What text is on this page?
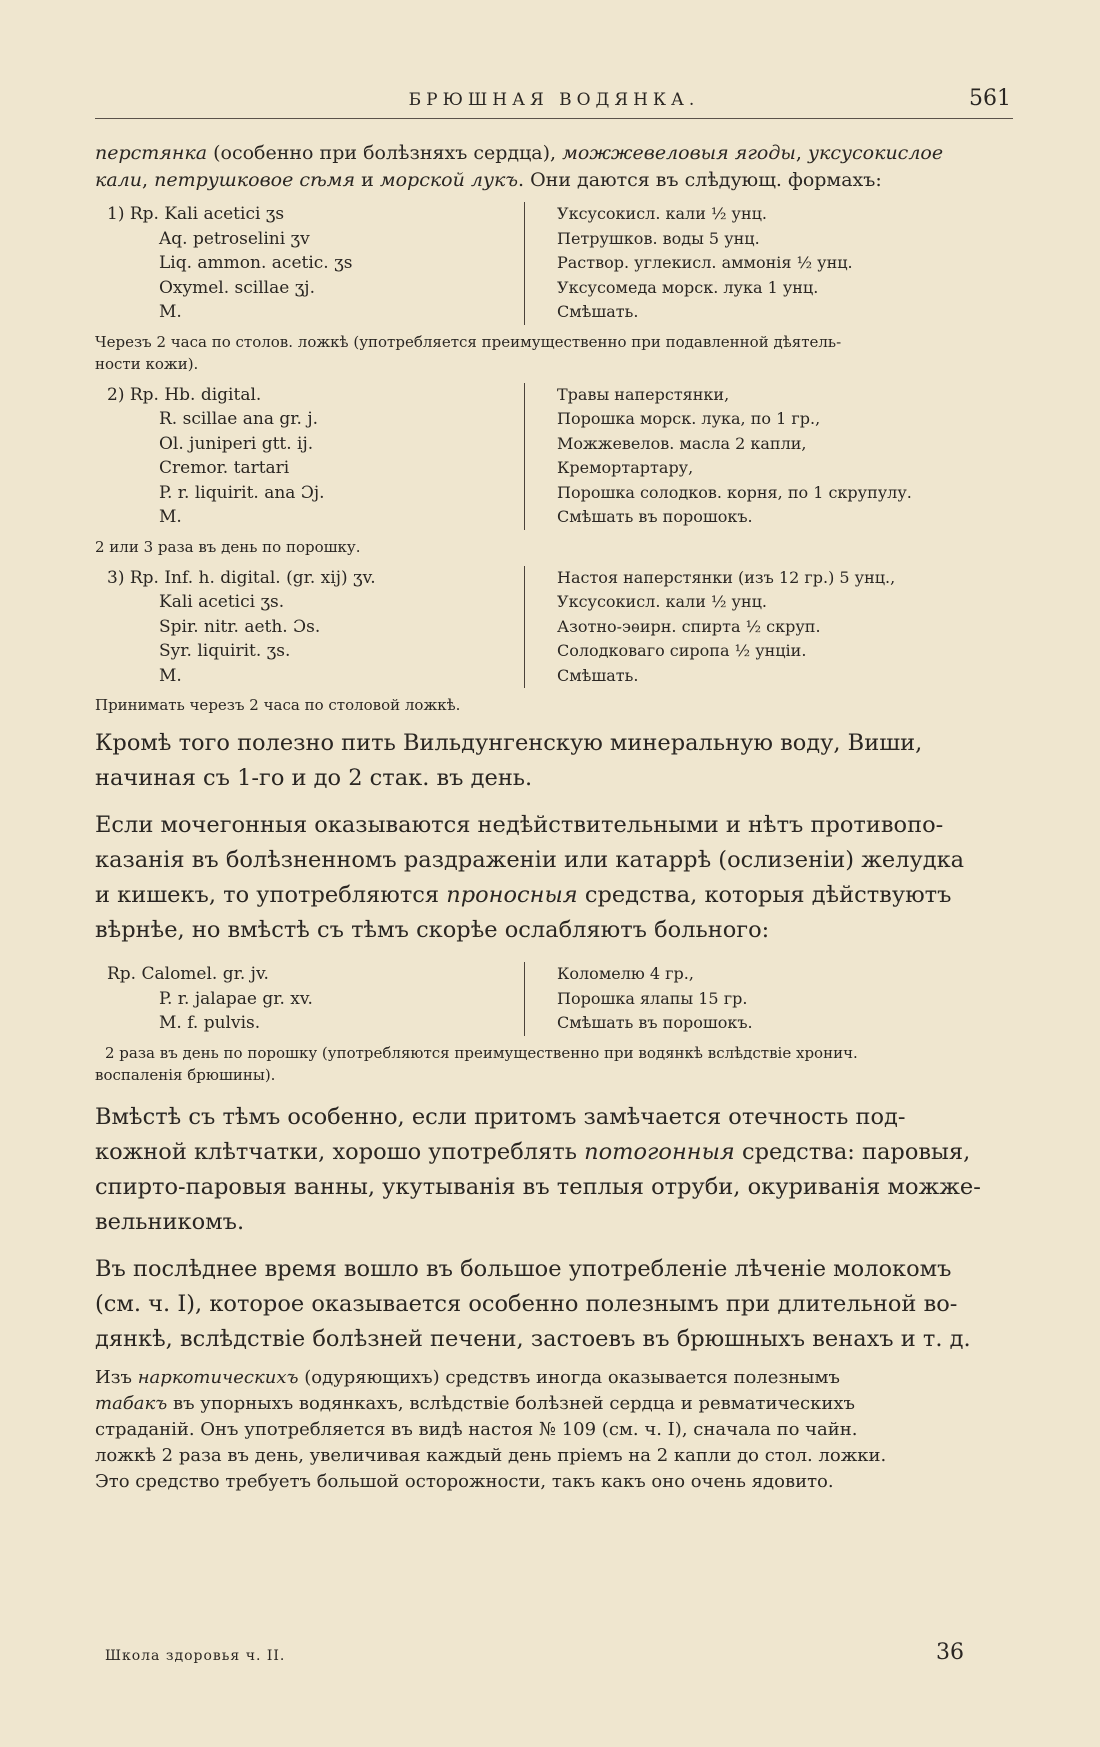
БРЮШНАЯ ВОДЯНКА.	561
перстянка (особенно при болѣзняхъ сердца), можжевеловыя ягоды, уксусокислое
кали, петрушковое сѣмя и морской лукъ. Они даются въ слѣдующ. формахъ:
1) Rp. Kali acetici ʒs
Aq. petroselini ʒv
Liq. ammon. acetic. ʒs
Oxymel. scillae ʒj.
M.
Уксусокисл. кали ½ унц.
Петрушков. воды 5 унц.
Раствор. углекисл. аммонія ½ унц.
Уксусомеда морск. лука 1 унц.
Смѣшать.
Черезъ 2 часа по столов. ложкѣ (употребляется преимущественно при подавленной дѣятель-
ности кожи).
2) Rp. Hb. digital.
R. scillae ana gr. j.
Ol. juniperi gtt. ij.
Cremor. tartari
P. r. liquirit. ana Ɔj.
M.
Травы наперстянки,
Порошка морск. лука, по 1 гр.,
Можжевелов. масла 2 капли,
Кремортартару,
Порошка солодков. корня, по 1 скрупулу.
Смѣшать въ порошокъ.
2 или 3 раза въ день по порошку.
3) Rp. Inf. h. digital. (gr. xij) ʒv.
Kali acetici ʒs.
Spir. nitr. aeth. Ɔs.
Syr. liquirit. ʒs.
M.
Настоя наперстянки (изъ 12 гр.) 5 унц.,
Уксусокисл. кали ½ унц.
Азотно-эѳирн. спирта ½ скруп.
Солодковаго сиропа ½ унціи.
Смѣшать.
Принимать черезъ 2 часа по столовой ложкѣ.
Кромѣ того полезно пить Вильдунгенскую минеральную воду, Виши,
начиная съ 1-го и до 2 стак. въ день.
Если мочегонныя оказываются недѣйствительными и нѣтъ противопо-
казанія въ болѣзненномъ раздраженіи или катаррѣ (ослизеніи) желудка
и кишекъ, то употребляются проносныя средства, которыя дѣйствуютъ
вѣрнѣе, но вмѣстѣ съ тѣмъ скорѣе ослабляютъ больного:
Rp. Calomel. gr. jv.
P. r. jalapae gr. xv.
M. f. pulvis.
Коломелю 4 гр.,
Порошка ялапы 15 гр.
Смѣшать въ порошокъ.
2 раза въ день по порошку (употребляются преимущественно при водянкѣ вслѣдствіе хронич.
воспаленія брюшины).
Вмѣстѣ съ тѣмъ особенно, если притомъ замѣчается отечность под-
кожной клѣтчатки, хорошо употреблять потогонныя средства: паровыя,
спирто-паровыя ванны, укутыванія въ теплыя отруби, окуриванія можже-
вельникомъ.
Въ послѣднее время вошло въ большое употребленіе лѣченіе молокомъ
(см. ч. I), которое оказывается особенно полезнымъ при длительной во-
дянкѣ, вслѣдствіе болѣзней печени, застоевъ въ брюшныхъ венахъ и т. д.
Изъ наркотическихъ (одуряющихъ) средствъ иногда оказывается полезнымъ
табакъ въ упорныхъ водянкахъ, вслѣдствіе болѣзней сердца и ревматическихъ
страданій. Онъ употребляется въ видѣ настоя № 109 (см. ч. I), сначала по чайн.
ложкѣ 2 раза въ день, увеличивая каждый день пріемъ на 2 капли до стол. ложки.
Это средство требуетъ большой осторожности, такъ какъ оно очень ядовито.
Школа здоровья ч. II.	36
